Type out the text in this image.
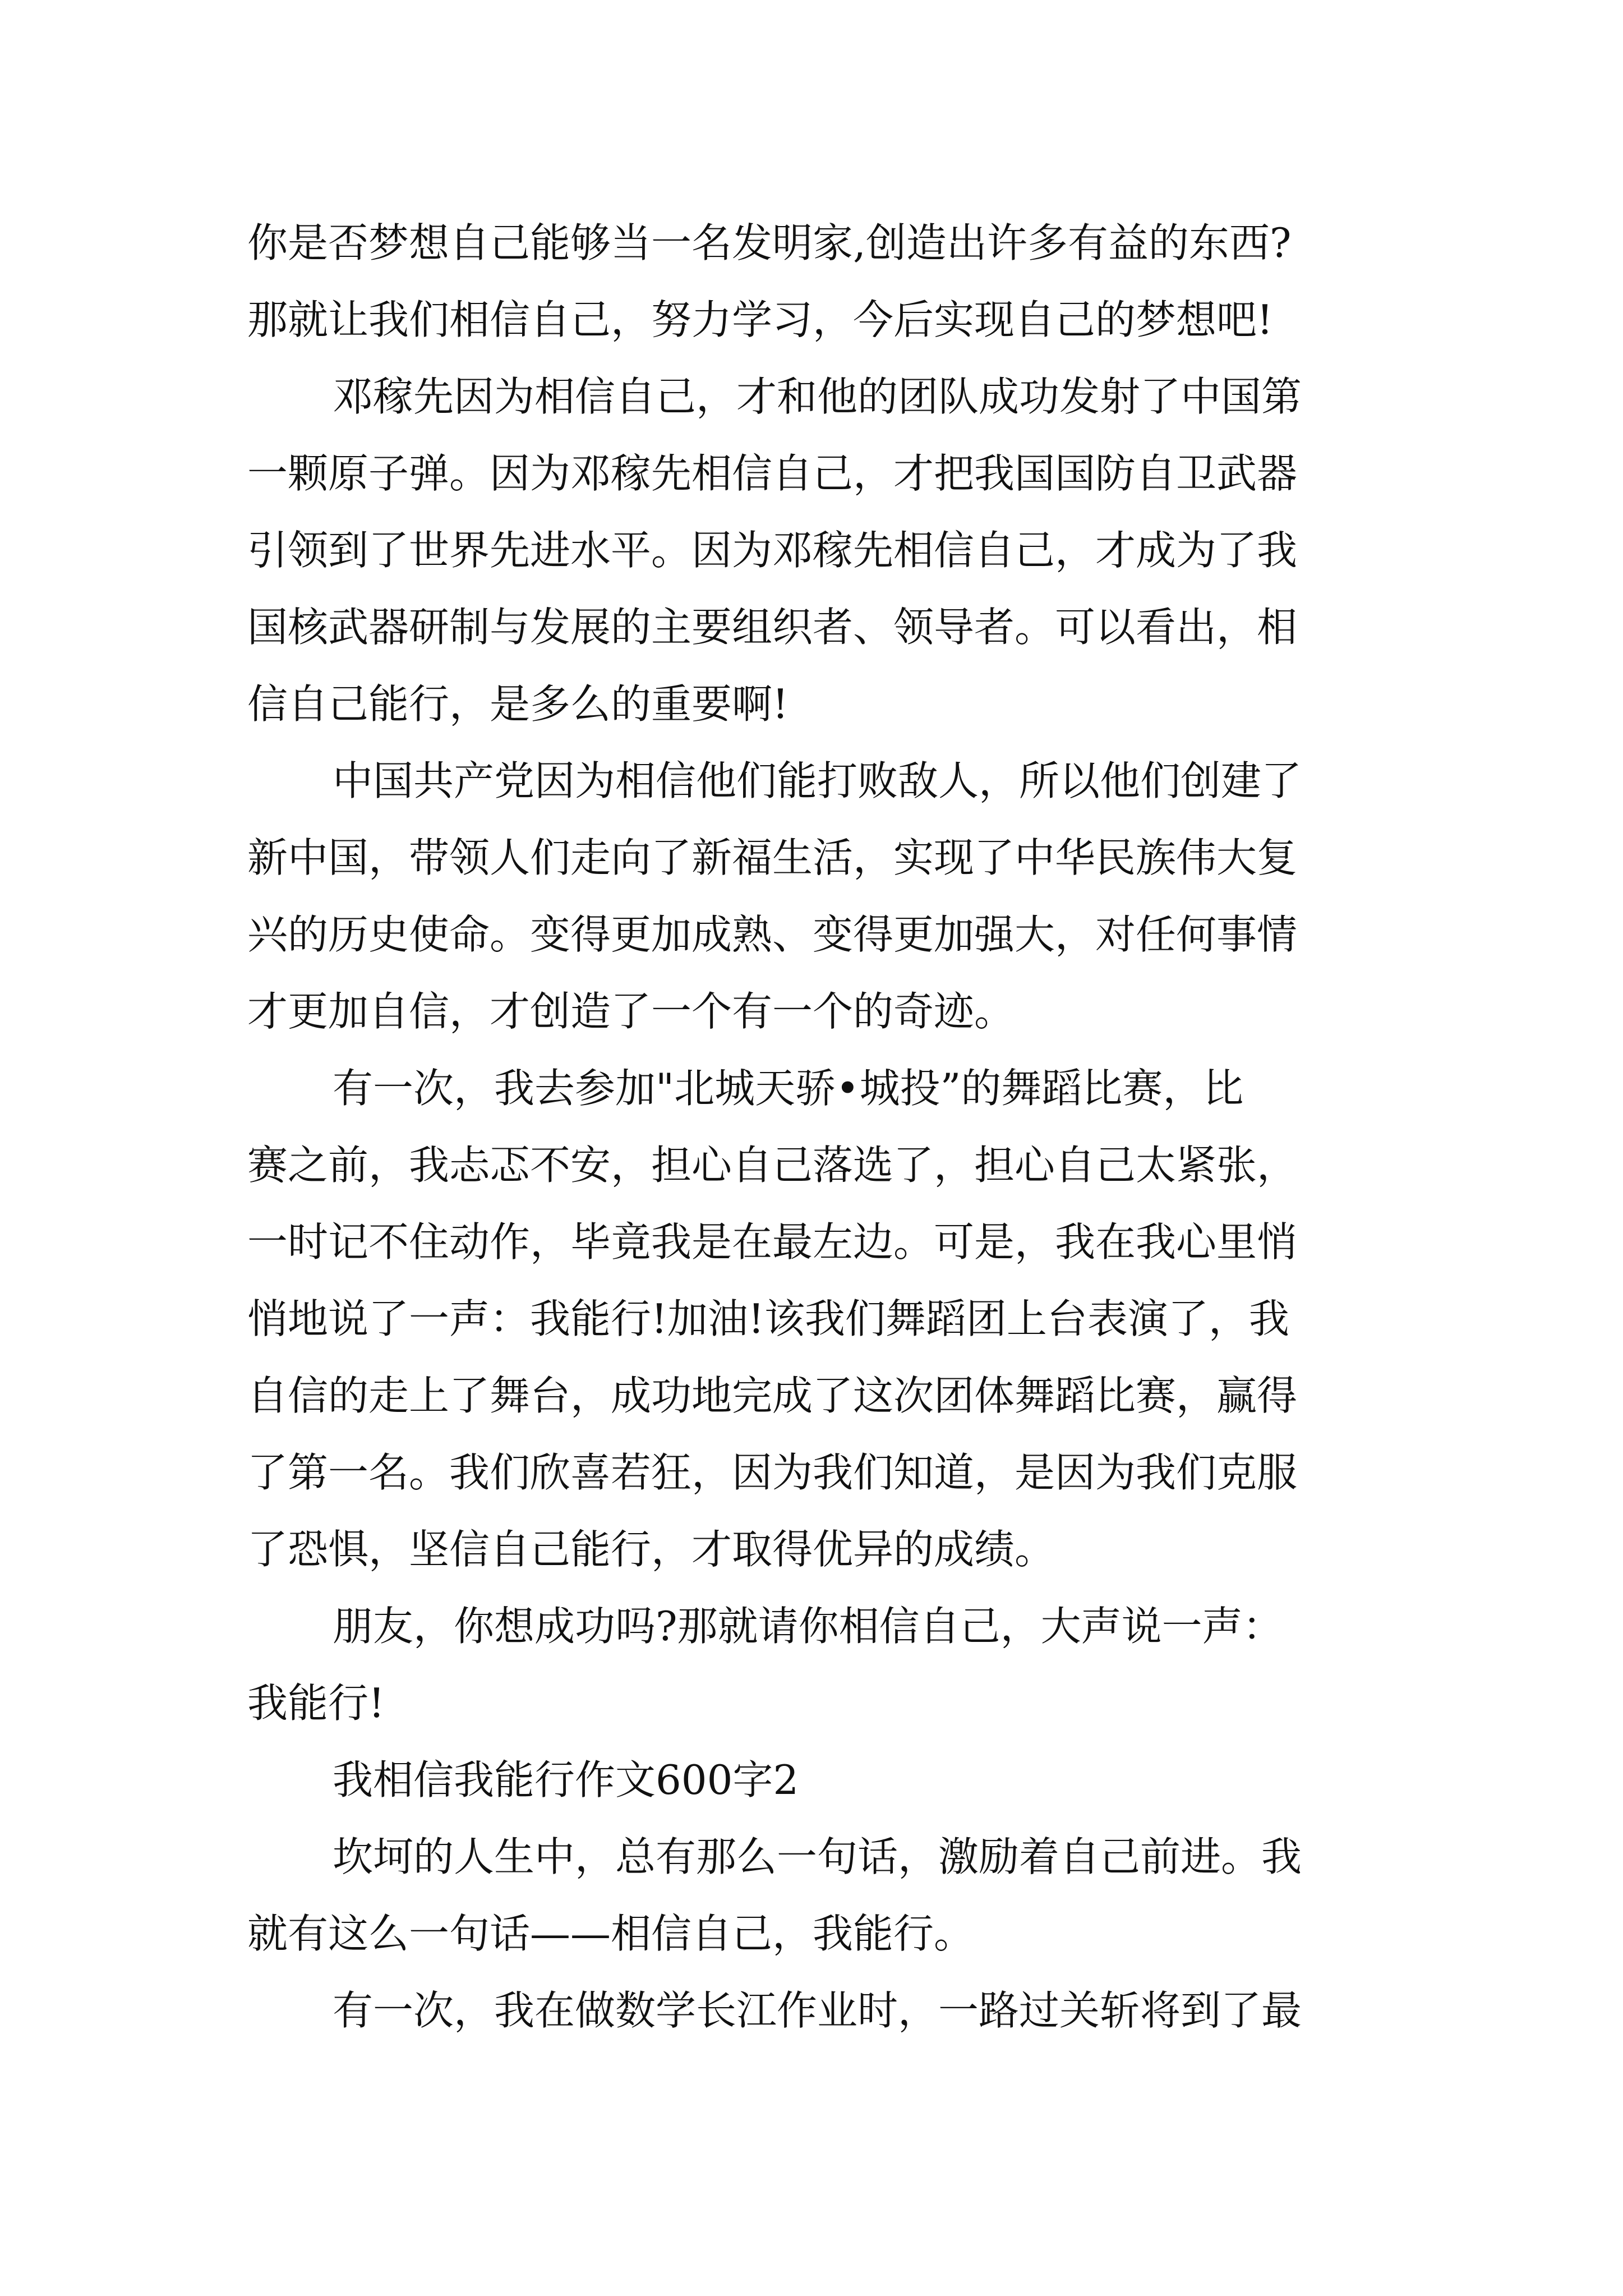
你是否梦想自己能够当一名发明家,创造出许多有益的东西?
那就让我们相信自己，努力学习，今后实现自己的梦想吧!
邓稼先因为相信自己，才和他的团队成功发射了中国第
一颗原子弹。因为邓稼先相信自己，才把我国国防自卫武器
引领到了世界先进水平。因为邓稼先相信自己，才成为了我
国核武器研制与发展的主要组织者、领导者。可以看出，相
信自己能行，是多么的重要啊!
中国共产党因为相信他们能打败敌人，所以他们创建了
新中国，带领人们走向了新福生活，实现了中华民族伟大复
兴的历史使命。变得更加成熟、变得更加强大，对任何事情
才更加自信，才创造了一个有一个的奇迹。
有一次，我去参加"北城天骄•城投”的舞蹈比赛，比
赛之前，我忐忑不安，担心自己落选了，担心自己太紧张，
一时记不住动作，毕竟我是在最左边。可是，我在我心里悄
悄地说了一声：我能行!加油!该我们舞蹈团上台表演了，我
自信的走上了舞台，成功地完成了这次团体舞蹈比赛，赢得
了第一名。我们欣喜若狂，因为我们知道，是因为我们克服
了恐惧，坚信自己能行，才取得优异的成绩。
朋友，你想成功吗?那就请你相信自己，大声说一声：
我能行!
我相信我能行作文600字2
坎坷的人生中，总有那么一句话，激励着自己前进。我
就有这么一句话——相信自己，我能行。
有一次，我在做数学长江作业时，一路过关斩将到了最
